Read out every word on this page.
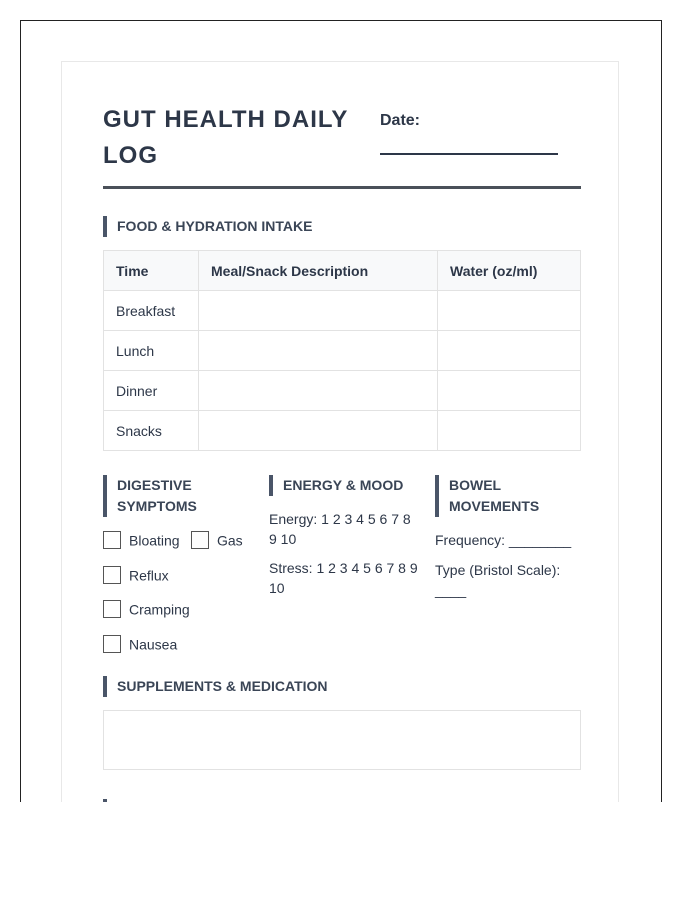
GUT HEALTH DAILY LOG
Date:
FOOD & HYDRATION INTAKE
Time	Meal/Snack Description	Water (oz/ml)
Breakfast		
Lunch		
Dinner		
Snacks		
DIGESTIVE SYMPTOMS
Bloating	Gas
Reflux
Cramping
Nausea
ENERGY & MOOD
Energy: 1 2 3 4 5 6 7 8 9 10
Stress: 1 2 3 4 5 6 7 8 9 10
BOWEL MOVEMENTS
Frequency: ________
Type (Bristol Scale): ____
SUPPLEMENTS & MEDICATION
